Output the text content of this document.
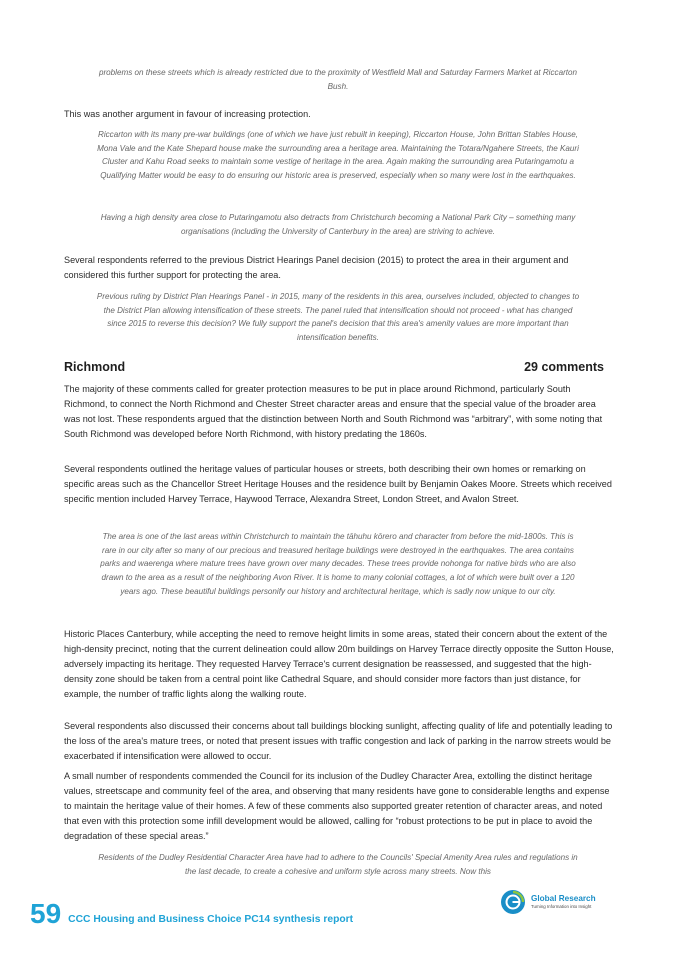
problems on these streets which is already restricted due to the proximity of Westfield Mall and Saturday Farmers Market at Riccarton Bush.
This was another argument in favour of increasing protection.
Riccarton with its many pre-war buildings (one of which we have just rebuilt in keeping), Riccarton House, John Brittan Stables House, Mona Vale and the Kate Shepard house make the surrounding area a heritage area. Maintaining the Totara/Ngahere Streets, the Kauri Cluster and Kahu Road seeks to maintain some vestige of heritage in the area. Again making the surrounding area Putaringamotu a Qualifying Matter would be easy to do ensuring our historic area is preserved, especially when so many were lost in the earthquakes.
Having a high density area close to Putaringamotu also detracts from Christchurch becoming a National Park City – something many organisations (including the University of Canterbury in the area) are striving to achieve.
Several respondents referred to the previous District Hearings Panel decision (2015) to protect the area in their argument and considered this further support for protecting the area.
Previous ruling by District Plan Hearings Panel - in 2015, many of the residents in this area, ourselves included, objected to changes to the District Plan allowing intensification of these streets. The panel ruled that intensification should not proceed - what has changed since 2015 to reverse this decision? We fully support the panel's decision that this area's amenity values are more important than intensification benefits.
Richmond	29 comments
The majority of these comments called for greater protection measures to be put in place around Richmond, particularly South Richmond, to connect the North Richmond and Chester Street character areas and ensure that the special value of the broader area was not lost. These respondents argued that the distinction between North and South Richmond was “arbitrary”, with some noting that South Richmond was developed before North Richmond, with history predating the 1860s.
Several respondents outlined the heritage values of particular houses or streets, both describing their own homes or remarking on specific areas such as the Chancellor Street Heritage Houses and the residence built by Benjamin Oakes Moore. Streets which received specific mention included Harvey Terrace, Haywood Terrace, Alexandra Street, London Street, and Avalon Street.
The area is one of the last areas within Christchurch to maintain the tāhuhu kōrero and character from before the mid-1800s. This is rare in our city after so many of our precious and treasured heritage buildings were destroyed in the earthquakes. The area contains parks and waerenga where mature trees have grown over many decades. These trees provide nohonga for native birds who are also drawn to the area as a result of the neighboring Avon River. It is home to many colonial cottages, a lot of which were built over a 120 years ago. These beautiful buildings personify our history and architectural heritage, which is sadly now unique to our city.
Historic Places Canterbury, while accepting the need to remove height limits in some areas, stated their concern about the extent of the high-density precinct, noting that the current delineation could allow 20m buildings on Harvey Terrace directly opposite the Sutton House, adversely impacting its heritage. They requested Harvey Terrace's current designation be reassessed, and suggested that the high-density zone should be taken from a central point like Cathedral Square, and should consider more factors than just distance, for example, the number of traffic lights along the walking route.
Several respondents also discussed their concerns about tall buildings blocking sunlight, affecting quality of life and potentially leading to the loss of the area's mature trees, or noted that present issues with traffic congestion and lack of parking in the narrow streets would be exacerbated if intensification were allowed to occur.
A small number of respondents commended the Council for its inclusion of the Dudley Character Area, extolling the distinct heritage values, streetscape and community feel of the area, and observing that many residents have gone to considerable lengths and expense to maintain the heritage value of their homes. A few of these comments also supported greater retention of character areas, and noted that even with this protection some infill development would be allowed, calling for “robust protections to be put in place to avoid the degradation of these special areas.”
Residents of the Dudley Residential Character Area have had to adhere to the Councils' Special Amenity Area rules and regulations in the last decade, to create a cohesive and uniform style across many streets. Now this
59 CCC Housing and Business Choice PC14 synthesis report
Global Research
Turning Information into Insight
